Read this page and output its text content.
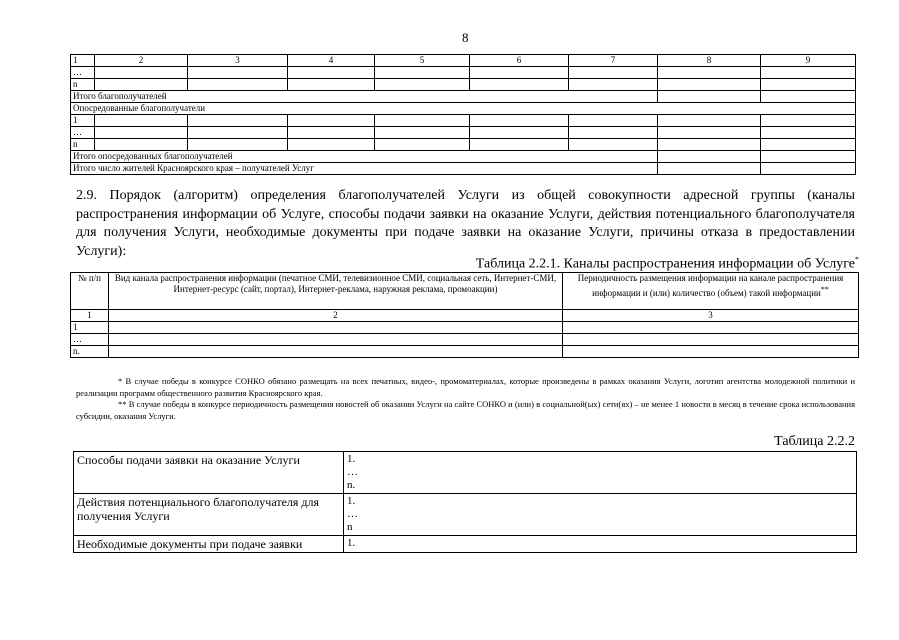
8
1	2	3	4	5	6	7	8	9
…								
n								
Итого благополучателей								
Опосредованные благополучатели								
1								
…								
n								
Итого опосредованных благополучателей								
Итого число жителей Красноярского края – получателей Услуг								
2.9. Порядок (алгоритм) определения благополучателей Услуги из общей совокупности адресной группы (каналы распространения информации об Услуге, способы подачи заявки на оказание Услуги, действия потенциального благополучателя для получения Услуги, необходимые документы при подаче заявки на оказание Услуги, причины отказа в предоставлении Услуги):
Таблица 2.2.1. Каналы распространения информации об Услуге*
№ п/п	Вид канала распространения информации (печатное СМИ, телевизионное СМИ, социальная сеть, Интернет-СМИ, Интернет-ресурс (сайт, портал), Интернет-реклама, наружная реклама, промоакции)	Периодичность размещения информации на канале распространения информации и (или) количество (объем) такой информации**
1	2	3
1		
…		
n.		
* В случае победы в конкурсе СОНКО обязано размещать на всех печатных, видео-, промоматериалах, которые произведены в рамках оказания Услуги, логотип агентства молодежной политики и реализации программ общественного развития Красноярского края.
** В случае победы в конкурсе периодичность размещения новостей об оказании Услуги на сайте СОНКО и (или) в социальной(ых) сети(ях) – не менее 1 новости в месяц в течение срока использования субсидии, оказания Услуги.
Таблица 2.2.2
Способы подачи заявки на оказание Услуги	1.
…
n.

Действия потенциального благополучателя для получения Услуги	1.
…
n

Необходимые документы при подаче заявки	1.
